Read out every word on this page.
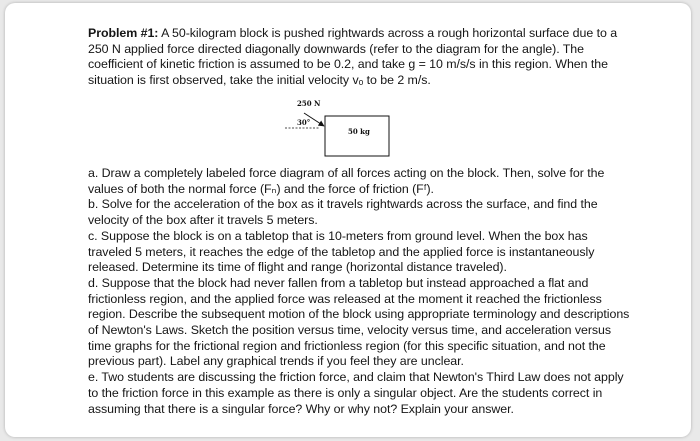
Problem #1: A 50-kilogram block is pushed rightwards across a rough horizontal surface due to a 250 N applied force directed diagonally downwards (refer to the diagram for the angle). The coefficient of kinetic friction is assumed to be 0.2, and take g = 10 m/s/s in this region. When the situation is first observed, take the initial velocity vₒ to be 2 m/s.

250 N
30°
50 kg

a. Draw a completely labeled force diagram of all forces acting on the block. Then, solve for the values of both the normal force (Fₙ) and the force of friction (Fᶠ).

b. Solve for the acceleration of the box as it travels rightwards across the surface, and find the velocity of the box after it travels 5 meters.

c. Suppose the block is on a tabletop that is 10-meters from ground level. When the box has traveled 5 meters, it reaches the edge of the tabletop and the applied force is instantaneously released. Determine its time of flight and range (horizontal distance traveled).

d. Suppose that the block had never fallen from a tabletop but instead approached a flat and frictionless region, and the applied force was released at the moment it reached the frictionless region. Describe the subsequent motion of the block using appropriate terminology and descriptions of Newton's Laws. Sketch the position versus time, velocity versus time, and acceleration versus time graphs for the frictional region and frictionless region (for this specific situation, and not the previous part). Label any graphical trends if you feel they are unclear.

e. Two students are discussing the friction force, and claim that Newton's Third Law does not apply to the friction force in this example as there is only a singular object. Are the students correct in assuming that there is a singular force? Why or why not? Explain your answer.
